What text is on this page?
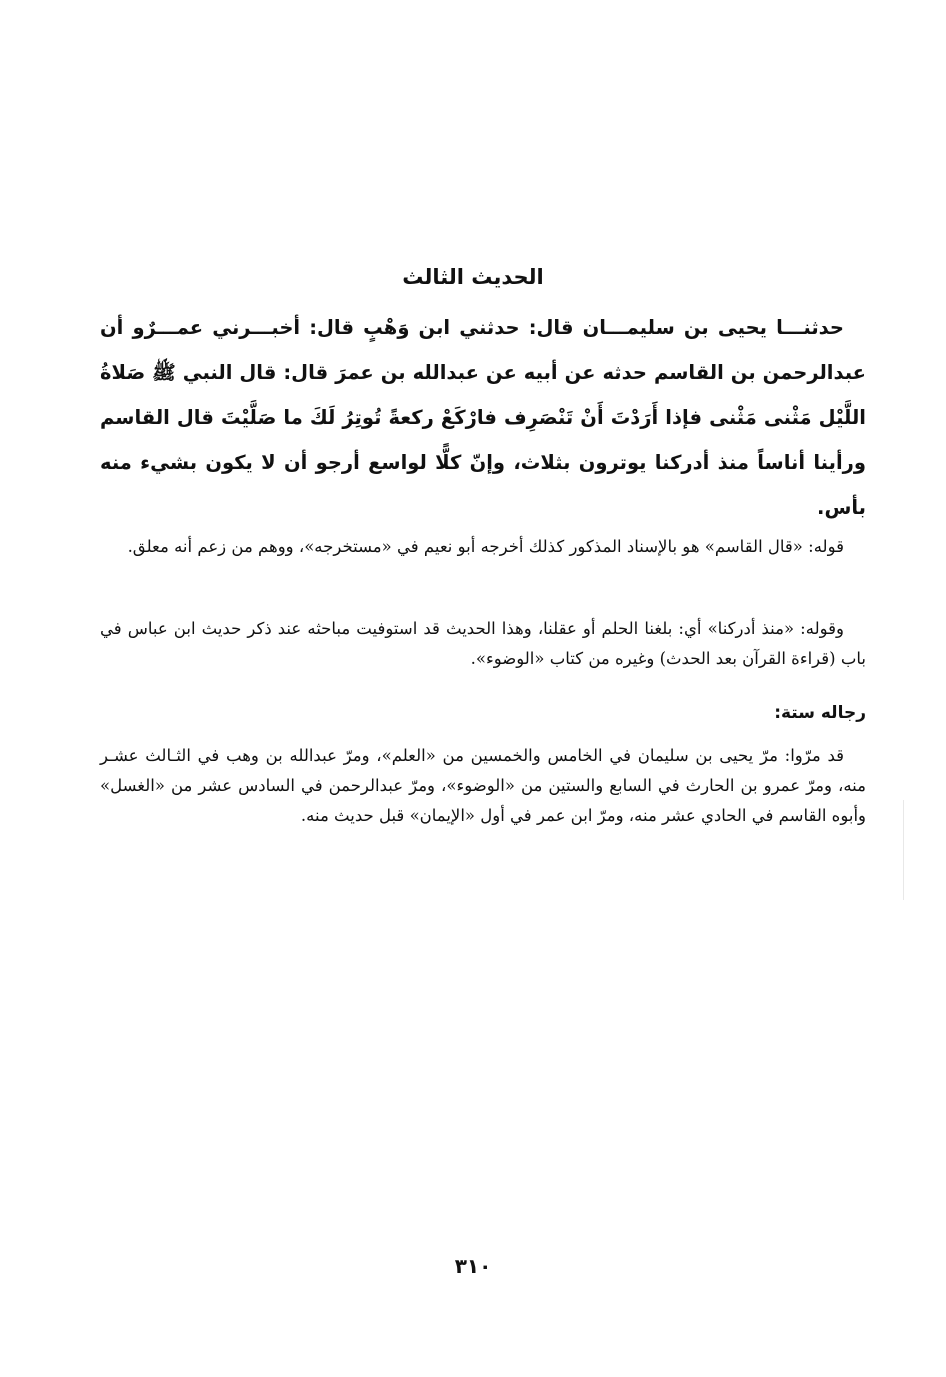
الحديث الثالث

حدثنـــا يحيى بن سليمـــان قال: حدثني ابن وَهْبٍ قال: أخبـــرني عمـــرٌو أن عبدالرحمن بن القاسم حدثه عن أبيه عن عبدالله بن عمرَ قال: قال النبي ﷺ صَلاةُ اللَّيْل مَثْنى مَثْنى فإذا أَرَدْتَ أَنْ تَنْصَرِف فارْكَعْ ركعةً تُوتِرُ لَكَ ما صَلَّيْتَ قال القاسم ورأينا أناساً منذ أدركنا يوترون بثلاث، وإنّ كلًّا لواسع أرجو أن لا يكون بشيء منه بأس.

قوله: «قال القاسم» هو بالإسناد المذكور كذلك أخرجه أبو نعيم في «مستخرجه»، ووهم من زعم أنه معلق.

وقوله: «منذ أدركنا» أي: بلغنا الحلم أو عقلنا، وهذا الحديث قد استوفيت مباحثه عند ذكر حديث ابن عباس في باب (قراءة القرآن بعد الحدث) وغيره من كتاب «الوضوء».

رجاله ستة:

قد مرّوا: مرّ يحيى بن سليمان في الخامس والخمسين من «العلم»، ومرّ عبدالله بن وهب في الثـالث عشـر منه، ومرّ عمرو بن الحارث في السابع والستين من «الوضوء»، ومرّ عبدالرحمن في السادس عشر من «الغسل» وأبوه القاسم في الحادي عشر منه، ومرّ ابن عمر في أول «الإيمان» قبل حديث منه.

٣١٠
